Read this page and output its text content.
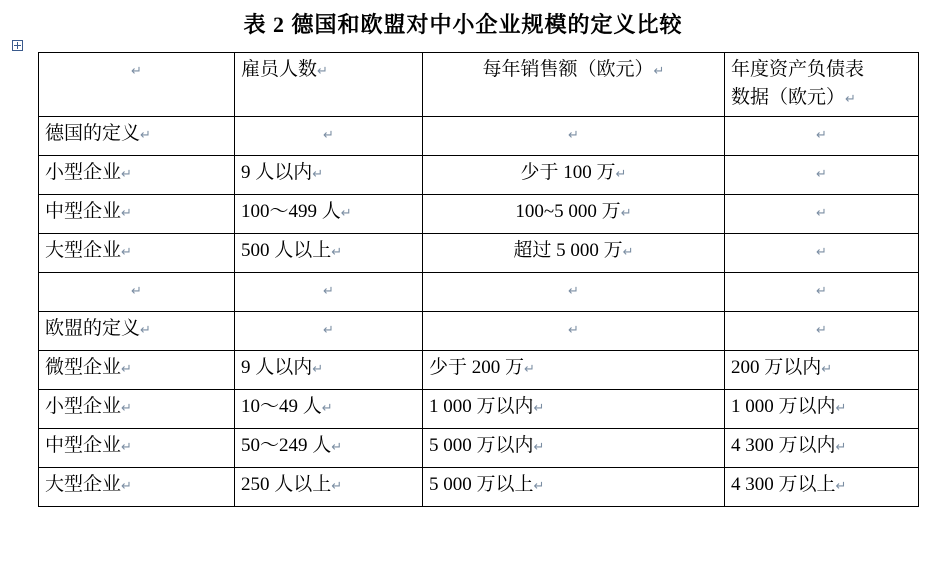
表 2 德国和欧盟对中小企业规模的定义比较
↵	雇员人数↵	每年销售额（欧元）↵	年度资产负债表
数据（欧元）↵
德国的定义↵	↵	↵	↵
小型企业↵	9 人以内↵	少于 100 万↵	↵
中型企业↵	100～499 人↵	100~5 000 万↵	↵
大型企业↵	500 人以上↵	超过 5 000 万↵	↵
↵	↵	↵	↵
欧盟的定义↵	↵	↵	↵
微型企业↵	9 人以内↵	少于 200 万↵	200 万以内↵
小型企业↵	10～49 人↵	1 000 万以内↵	1 000 万以内↵
中型企业↵	50～249 人↵	5 000 万以内↵	4 300 万以内↵
大型企业↵	250 人以上↵	5 000 万以上↵	4 300 万以上↵
